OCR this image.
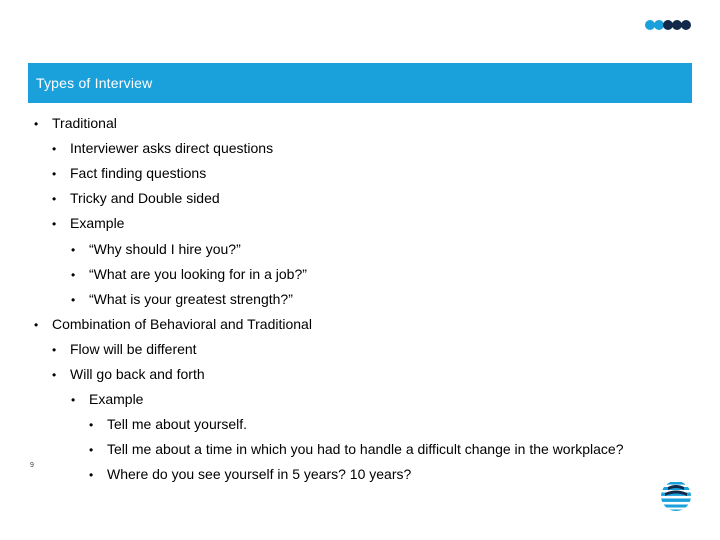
Types of Interview
• Traditional
• Interviewer asks direct questions
• Fact finding questions
• Tricky and Double sided
• Example
• “Why should I hire you?”
• “What are you looking for in a job?”
• “What is your greatest strength?”
• Combination of Behavioral and Traditional
• Flow will be different
• Will go back and forth
• Example
• Tell me about yourself.
• Tell me about a time in which you had to handle a difficult change in the workplace?
• Where do you see yourself in 5 years? 10 years?
9
